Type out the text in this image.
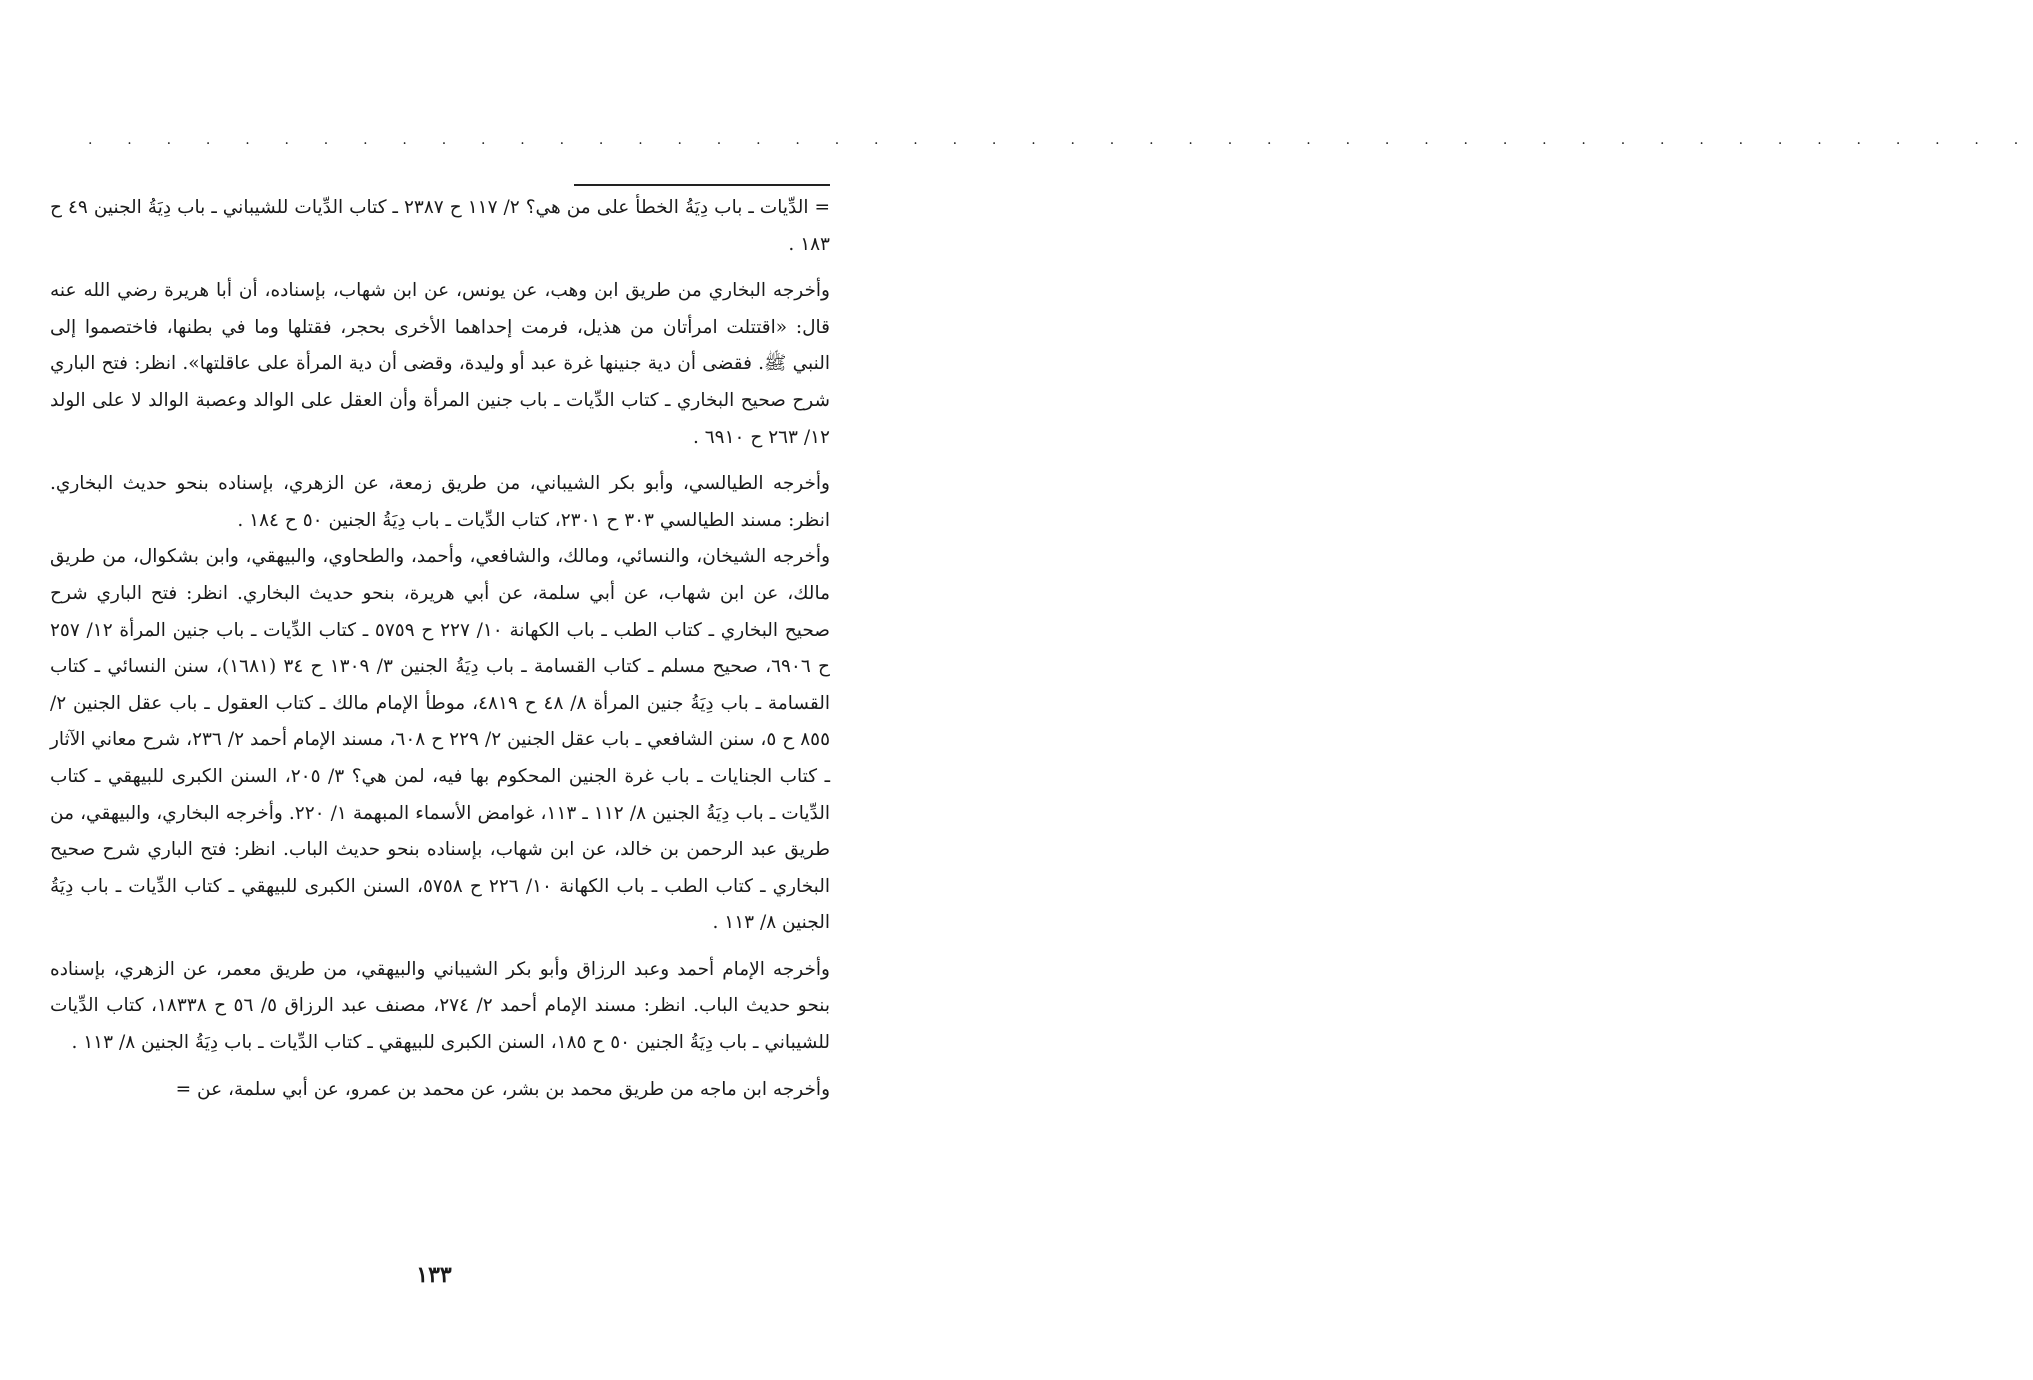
. . . . . . . . . . . . . . . . . . . . . . . . . . . . . . . . . . . . . . . . . . . . . . . . . .

= الدِّيات ـ باب دِيَةُ الخطأ على من هي؟ ٢/ ١١٧ ح ٢٣٨٧ ـ كتاب الدِّيات للشيباني ـ باب دِيَةُ الجنين ٤٩ ح ١٨٣ .

وأخرجه البخاري من طريق ابن وهب، عن يونس، عن ابن شهاب، بإسناده، أن أبا هريرة رضي الله عنه قال: «اقتتلت امرأتان من هذيل، فرمت إحداهما الأخرى بحجر، فقتلها وما في بطنها، فاختصموا إلى النبي ﷺ. فقضى أن دية جنينها غرة عبد أو وليدة، وقضى أن دية المرأة على عاقلتها». انظر: فتح الباري شرح صحيح البخاري ـ كتاب الدِّيات ـ باب جنين المرأة وأن العقل على الوالد وعصبة الوالد لا على الولد ١٢/ ٢٦٣ ح ٦٩١٠ .

وأخرجه الطيالسي، وأبو بكر الشيباني، من طريق زمعة، عن الزهري، بإسناده بنحو حديث البخاري. انظر: مسند الطيالسي ٣٠٣ ح ٢٣٠١، كتاب الدِّيات ـ باب دِيَةُ الجنين ٥٠ ح ١٨٤ .

وأخرجه الشيخان، والنسائي، ومالك، والشافعي، وأحمد، والطحاوي، والبيهقي، وابن بشكوال، من طريق مالك، عن ابن شهاب، عن أبي سلمة، عن أبي هريرة، بنحو حديث البخاري. انظر: فتح الباري شرح صحيح البخاري ـ كتاب الطب ـ باب الكهانة ١٠/ ٢٢٧ ح ٥٧٥٩ ـ كتاب الدِّيات ـ باب جنين المرأة ١٢/ ٢٥٧ ح ٦٩٠٦، صحيح مسلم ـ كتاب القسامة ـ باب دِيَةُ الجنين ٣/ ١٣٠٩ ح ٣٤ (١٦٨١)، سنن النسائي ـ كتاب القسامة ـ باب دِيَةُ جنين المرأة ٨/ ٤٨ ح ٤٨١٩، موطأ الإمام مالك ـ كتاب العقول ـ باب عقل الجنين ٢/ ٨٥٥ ح ٥، سنن الشافعي ـ باب عقل الجنين ٢/ ٢٢٩ ح ٦٠٨، مسند الإمام أحمد ٢/ ٢٣٦، شرح معاني الآثار ـ كتاب الجنايات ـ باب غرة الجنين المحكوم بها فيه، لمن هي؟ ٣/ ٢٠٥، السنن الكبرى للبيهقي ـ كتاب الدِّيات ـ باب دِيَةُ الجنين ٨/ ١١٢ ـ ١١٣، غوامض الأسماء المبهمة ١/ ٢٢٠. وأخرجه البخاري، والبيهقي، من طريق عبد الرحمن بن خالد، عن ابن شهاب، بإسناده بنحو حديث الباب. انظر: فتح الباري شرح صحيح البخاري ـ كتاب الطب ـ باب الكهانة ١٠/ ٢٢٦ ح ٥٧٥٨، السنن الكبرى للبيهقي ـ كتاب الدِّيات ـ باب دِيَةُ الجنين ٨/ ١١٣ .

وأخرجه الإمام أحمد وعبد الرزاق وأبو بكر الشيباني والبيهقي، من طريق معمر، عن الزهري، بإسناده بنحو حديث الباب. انظر: مسند الإمام أحمد ٢/ ٢٧٤، مصنف عبد الرزاق ٥/ ٥٦ ح ١٨٣٣٨، كتاب الدِّيات للشيباني ـ باب دِيَةُ الجنين ٥٠ ح ١٨٥، السنن الكبرى للبيهقي ـ كتاب الدِّيات ـ باب دِيَةُ الجنين ٨/ ١١٣ .

وأخرجه ابن ماجه من طريق محمد بن بشر، عن محمد بن عمرو، عن أبي سلمة، عن =

١٣٣
